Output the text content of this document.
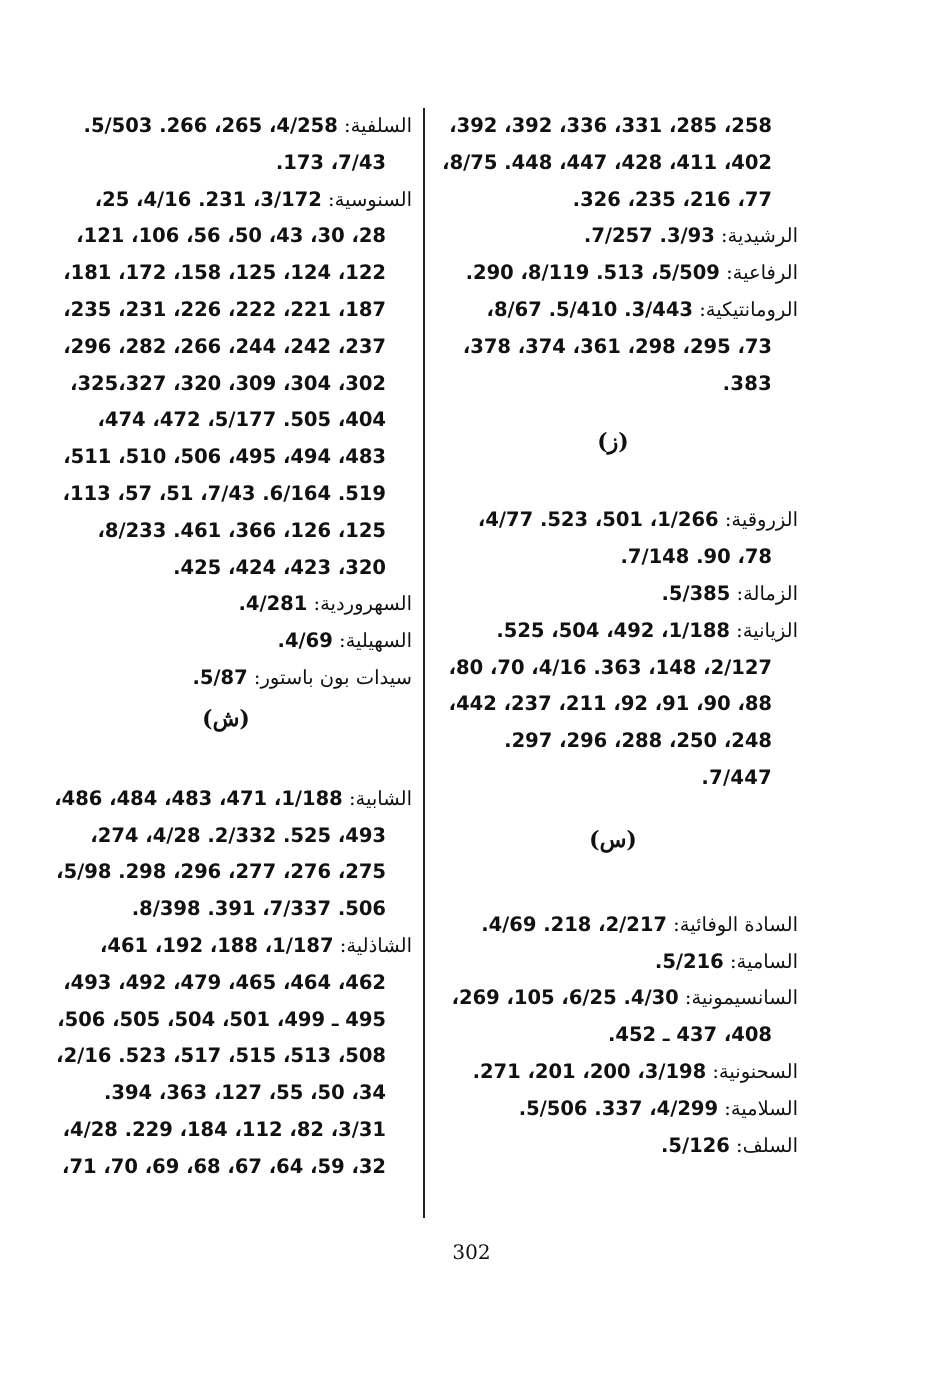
258، 285، 331، 336، 392، 392،
402، 411، 428، 447، 448. 8/75،
77، 216، 235، 326.
الرشيدية: 3/93. 7/257.
الرفاعية: 5/509، 513. 8/119، 290.
الرومانتيكية: 3/443. 5/410. 8/67،
73، 295، 298، 361، 374، 378،
383.
(ز)
الزروقية: 1/266، 501، 523. 4/77،
78، 90. 7/148.
الزمالة: 5/385.
الزيانية: 1/188، 492، 504، 525.
2/127، 148، 363. 4/16، 70، 80،
88، 90، 91، 92، 211، 237، 442،
248، 250، 288، 296، 297.
7/447.
(س)
السادة الوفائية: 2/217، 218. 4/69.
السامية: 5/216.
السانسيمونية: 4/30. 6/25، 105، 269،
408، 437 ـ 452.
السحنونية: 3/198، 200، 201، 271.
السلامية: 4/299، 337. 5/506.
السلف: 5/126.
السلفية: 4/258، 265، 266. 5/503.
7/43، 173.
السنوسية: 3/172، 231. 4/16، 25،
28، 30، 43، 50، 56، 106، 121،
122، 124، 125، 158، 172، 181،
187، 221، 222، 226، 231، 235،
237، 242، 244، 266، 282، 296،
302، 304، 309، 320، 325،327،
404، 505. 5/177، 472، 474،
483، 494، 495، 506، 510، 511،
519. 6/164. 7/43، 51، 57، 113،
125، 126، 366، 461. 8/233،
320، 423، 424، 425.
السهروردية: 4/281.
السهيلية: 4/69.
سيدات بون باستور: 5/87.
(ش)
الشابية: 1/188، 471، 483، 484، 486،
493، 525. 2/332. 4/28، 274،
275، 276، 277، 296، 298. 5/98،
506. 7/337، 391. 8/398.
الشاذلية: 1/187، 188، 192، 461،
462، 464، 465، 479، 492، 493،
495 ـ 499، 501، 504، 505، 506،
508، 513، 515، 517، 523. 2/16،
34، 50، 55، 127، 363، 394.
3/31، 82، 112، 184، 229. 4/28،
32، 59، 64، 67، 68، 69، 70، 71،
302
